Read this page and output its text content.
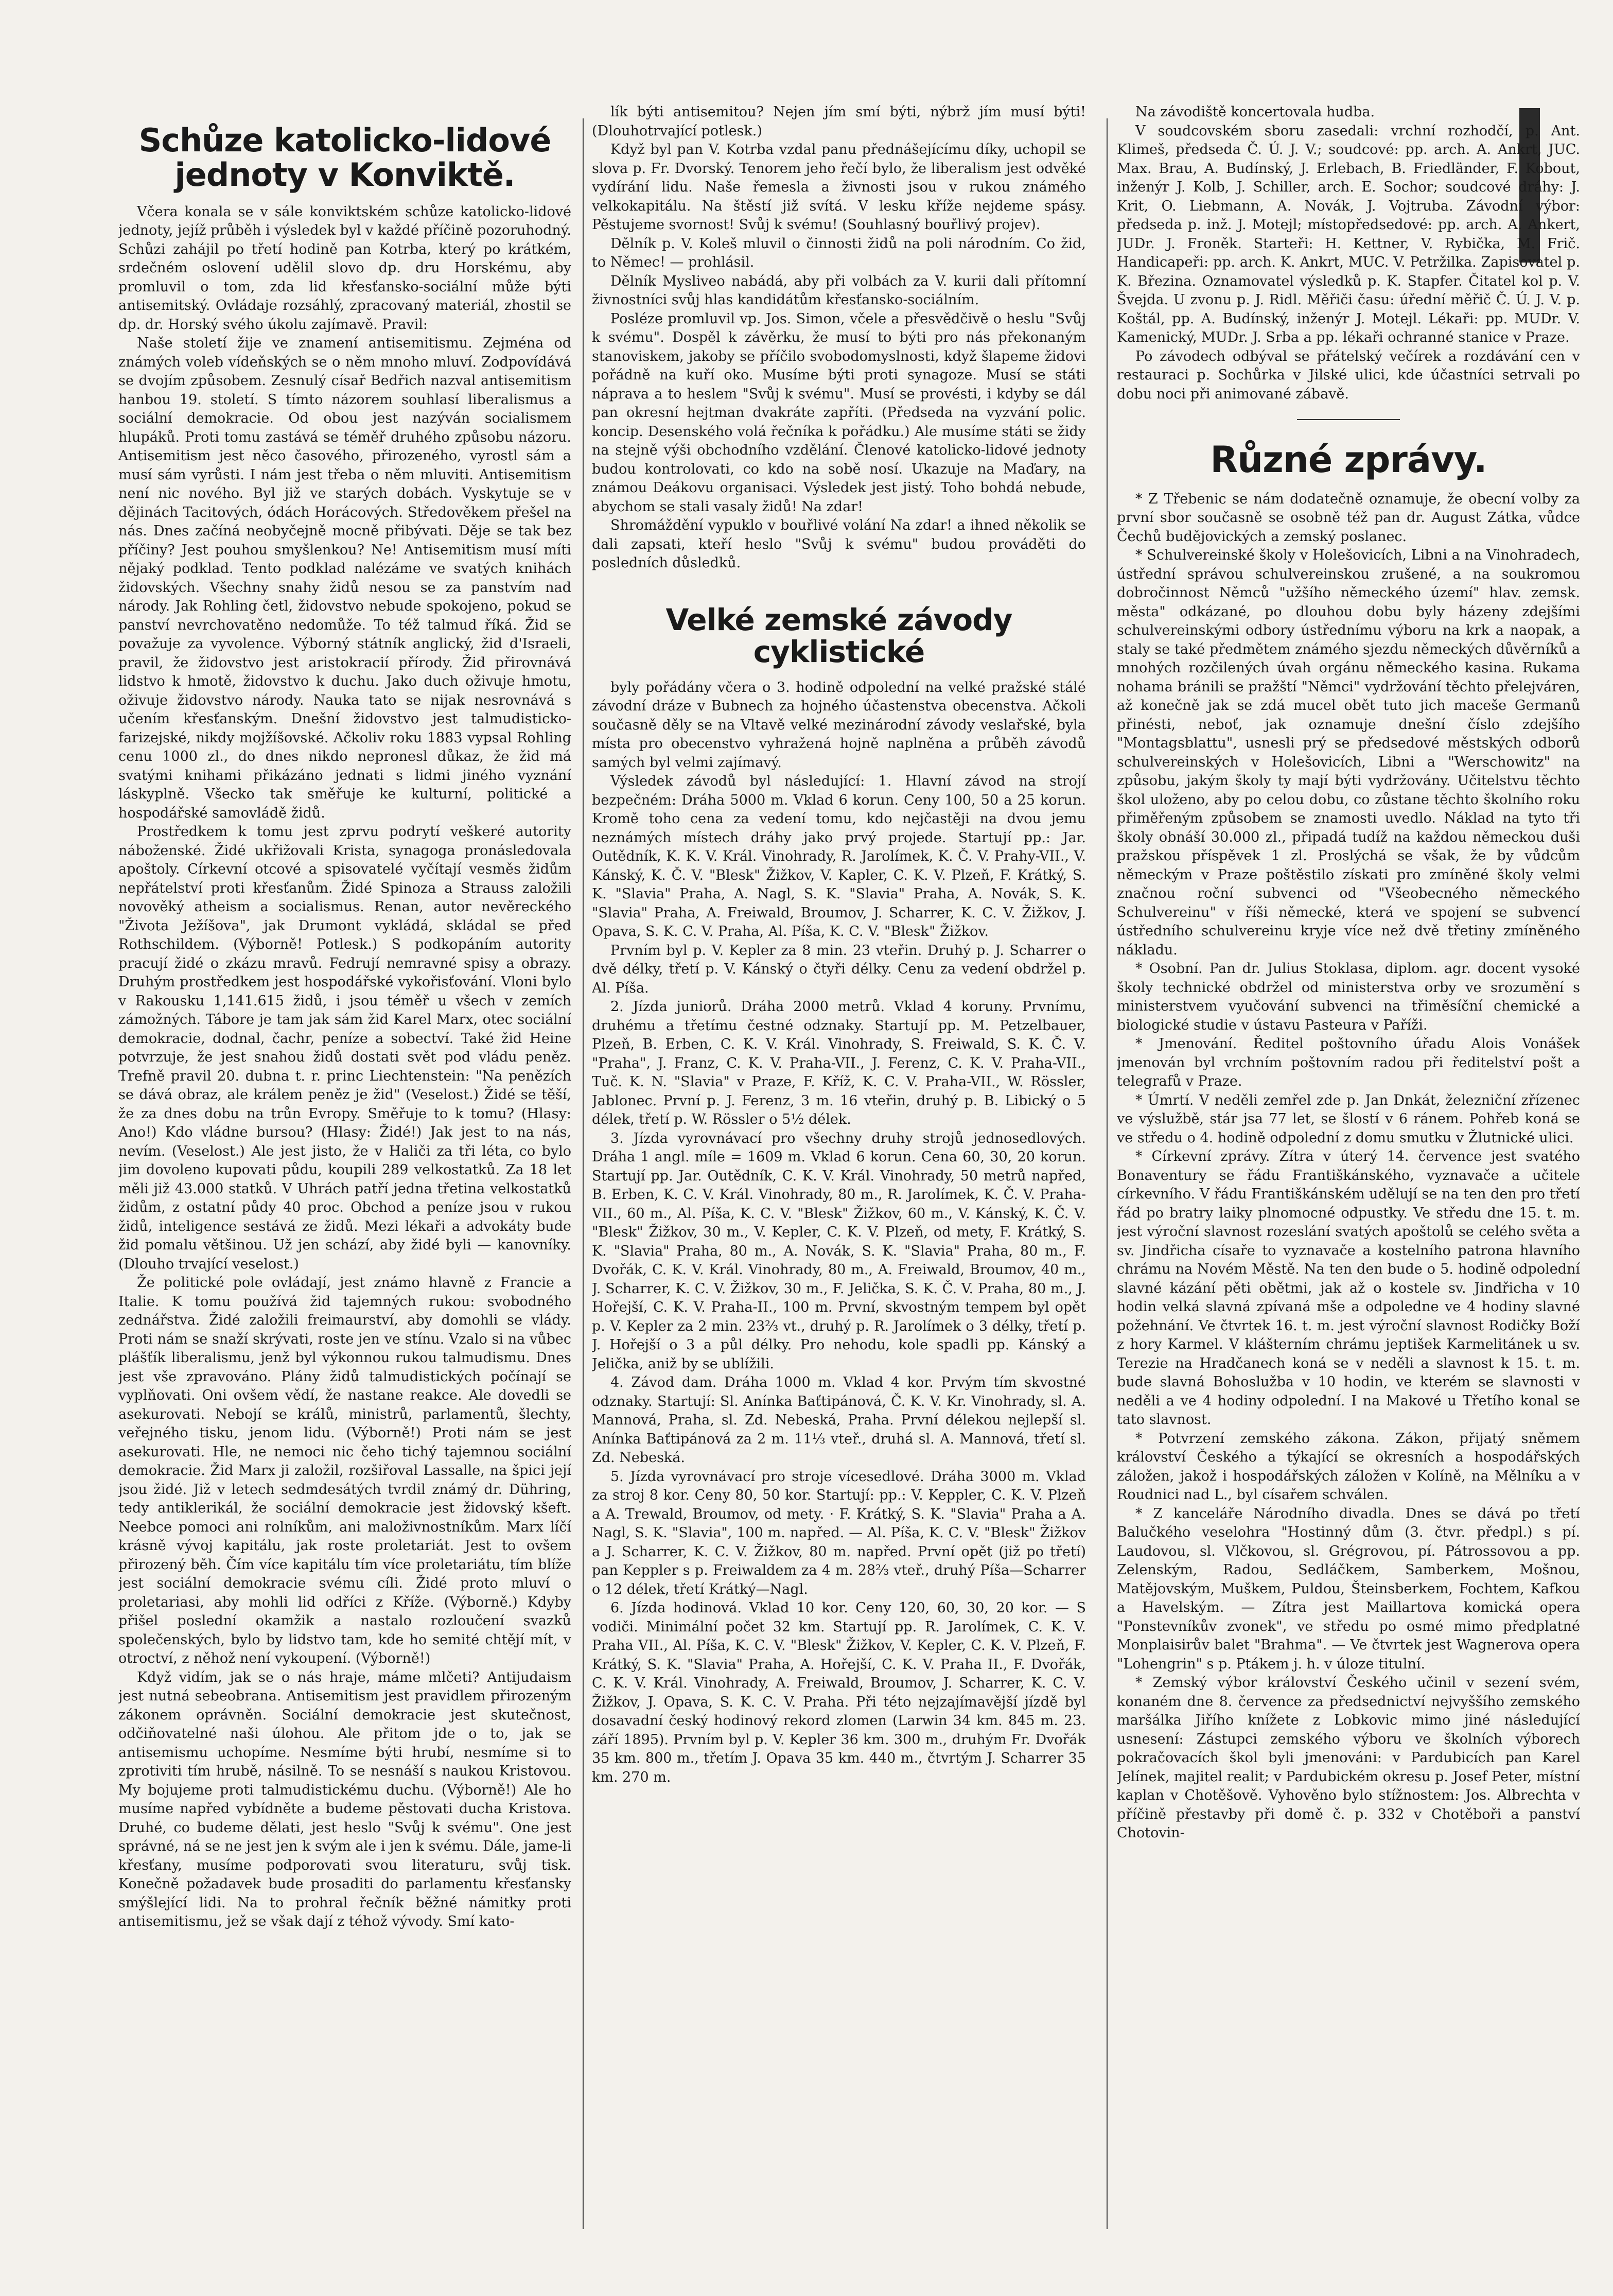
Schůze katolicko-lidové jednoty v Konviktě.

Včera konala se v sále konviktském schůze katolicko-lidové jednoty, jejíž průběh i výsledek byl v každé příčině pozoruhodný. Schůzi zahájil po třetí hodině pan Kotrba, který po krátkém, srdečném oslovení udělil slovo dp. dru Horskému, aby promluvil o tom, zda lid křesťansko-sociální může býti antisemitský. Ovládaje rozsáhlý, zpracovaný materiál, zhostil se dp. dr. Horský svého úkolu zajímavě. Pravil:

Naše století žije ve znamení antisemitismu. Zejména od známých voleb vídeňských se o něm mnoho mluví. Zodpovídává se dvojím způsobem. Zesnulý císař Bedřich nazval antisemitism hanbou 19. století. S tímto názorem souhlasí liberalismus a sociální demokracie. Od obou jest nazýván socialismem hlupáků. Proti tomu zastává se téměř druhého způsobu názoru. Antisemitism jest něco časového, přirozeného, vyrostl sám a musí sám vyrůsti. I nám jest třeba o něm mluviti. Antisemitism není nic nového. Byl již ve starých dobách. Vyskytuje se v dějinách Tacitových, ódách Horácových. Středověkem přešel na nás. Dnes začíná neobyčejně mocně přibývati. Děje se tak bez příčiny? Jest pouhou smyšlenkou? Ne! Antisemitism musí míti nějaký podklad. Tento podklad nalézáme ve svatých knihách židovských. Všechny snahy židů nesou se za panstvím nad národy. Jak Rohling četl, židovstvo nebude spokojeno, pokud se panství nevrchovatěno nedomůže. To též talmud říká. Žid se považuje za vyvolence. Výborný státník anglický, žid d'Israeli, pravil, že židovstvo jest aristokracií přírody. Žid přirovnává lidstvo k hmotě, židovstvo k duchu. Jako duch oživuje hmotu, oživuje židovstvo národy. Nauka tato se nijak nesrovnává s učením křesťanským. Dnešní židovstvo jest talmudisticko-farizejské, nikdy mojžíšovské. Ačkoliv roku 1883 vypsal Rohling cenu 1000 zl., do dnes nikdo nepronesl důkaz, že žid má svatými knihami přikázáno jednati s lidmi jiného vyznání láskyplně. Všecko tak směřuje ke kulturní, politické a hospodářské samovládě židů.

Prostředkem k tomu jest zprvu podrytí veškeré autority náboženské. Židé ukřižovali Krista, synagoga pronásledovala apoštoly. Církevní otcové a spisovatelé vyčítají vesměs židům nepřátelství proti křesťanům. Židé Spinoza a Strauss založili novověký atheism a socialismus. Renan, autor nevěreckého "Života Ježíšova", jak Drumont vykládá, skládal se před Rothschildem. (Výborně! Potlesk.) S podkopáním autority pracují židé o zkázu mravů. Fedrují nemravné spisy a obrazy. Druhým prostředkem jest hospodářské vykořisťování. Vloni bylo v Rakousku 1,141.615 židů, i jsou téměř u všech v zemích zámožných. Tábore je tam jak sám žid Karel Marx, otec sociální demokracie, dodnal, čachr, peníze a sobectví. Také žid Heine potvrzuje, že jest snahou židů dostati svět pod vládu peněz. Trefně pravil 20. dubna t. r. princ Liechtenstein: "Na penězích se dává obraz, ale králem peněz je žid" (Veselost.) Židé se těší, že za dnes dobu na trůn Evropy. Směřuje to k tomu? (Hlasy: Ano!) Kdo vládne bursou? (Hlasy: Židé!) Jak jest to na nás, nevím. (Veselost.) Ale jest jisto, že v Haliči za tři léta, co bylo jim dovoleno kupovati půdu, koupili 289 velkostatků. Za 18 let měli již 43.000 statků. V Uhrách patří jedna třetina velkostatků židům, z ostatní půdy 40 proc. Obchod a peníze jsou v rukou židů, inteligence sestává ze židů. Mezi lékaři a advokáty bude žid pomalu většinou. Už jen schází, aby židé byli — kanovníky. (Dlouho trvající veselost.)

Že politické pole ovládají, jest známo hlavně z Francie a Italie. K tomu používá žid tajemných rukou: svobodného zednářstva. Židé založili freimaurství, aby domohli se vlády. Proti nám se snaží skrývati, roste jen ve stínu. Vzalo si na vůbec plášťík liberalismu, jenž byl výkonnou rukou talmudismu. Dnes jest vše zpravováno. Plány židů talmudistických počínají se vyplňovati. Oni ovšem vědí, že nastane reakce. Ale dovedli se asekurovati. Nebojí se králů, ministrů, parlamentů, šlechty, veřejného tisku, jenom lidu. (Výborně!) Proti nám se jest asekurovati. Hle, ne nemoci nic čeho tichý tajemnou sociální demokracie. Žid Marx ji založil, rozšiřoval Lassalle, na špici její jsou židé. Již v letech sedmdesátých tvrdil známý dr. Dühring, tedy antiklerikál, že sociální demokracie jest židovský kšeft. Neebce pomoci ani rolníkům, ani maloživnostníkům. Marx líčí krásně vývoj kapitálu, jak roste proletariát. Jest to ovšem přirozený běh. Čím více kapitálu tím více proletariátu, tím blíže jest sociální demokracie svému cíli. Židé proto mluví o proletariasi, aby mohli lid odříci z Kříže. (Výborně.) Kdyby přišel poslední okamžik a nastalo rozloučení svazků společenských, bylo by lidstvo tam, kde ho semité chtějí mít, v otroctví, z něhož není vykoupení. (Výborně!)

Když vidím, jak se o nás hraje, máme mlčeti? Antijudaism jest nutná sebeobrana. Antisemitism jest pravidlem přirozeným zákonem oprávněn. Sociální demokracie jest skutečnost, odčiňovatelné naši úlohou. Ale přitom jde o to, jak se antisemismu uchopíme. Nesmíme býti hrubí, nesmíme si to zprotiviti tím hrubě, násilně. To se nesnáší s naukou Kristovou. My bojujeme proti talmudistickému duchu. (Výborně!) Ale ho musíme napřed vybídněte a budeme pěstovati ducha Kristova. Druhé, co budeme dělati, jest heslo "Svůj k svému". One jest správné, ná se ne jest jen k svým ale i jen k svému. Dále, jame-li křesťany, musíme podporovati svou literaturu, svůj tisk. Konečně požadavek bude prosaditi do parlamentu křesťansky smýšlející lidi. Na to prohral řečník běžné námitky proti antisemitismu, jež se však dají z téhož vývody. Smí kato-

lík býti antisemitou? Nejen jím smí býti, nýbrž jím musí býti! (Dlouhotrvající potlesk.)

Když byl pan V. Kotrba vzdal panu přednášejícímu díky, uchopil se slova p. Fr. Dvorský. Tenorem jeho řečí bylo, že liberalism jest odvěké vydírání lidu. Naše řemesla a živnosti jsou v rukou známého velkokapitálu. Na štěstí již svítá. V lesku kříže nejdeme spásy. Pěstujeme svornost! Svůj k svému! (Souhlasný bouřlivý projev).

Dělník p. V. Koleš mluvil o činnosti židů na poli národním. Co žid, to Němec! — prohlásil.

Dělník Mysliveo nabádá, aby při volbách za V. kurii dali přítomní živnostníci svůj hlas kandidátům křesťansko-sociálním.

Posléze promluvil vp. Jos. Simon, včele a přesvědčivě o heslu "Svůj k svému". Dospěl k závěrku, že musí to býti pro nás překonaným stanoviskem, jakoby se příčilo svobodomyslnosti, když šlapeme židovi pořádně na kuří oko. Musíme býti proti synagoze. Musí se státi náprava a to heslem "Svůj k svému". Musí se provésti, i kdyby se dál pan okresní hejtman dvakráte zapříti. (Předseda na vyzvání polic. koncip. Desenského volá řečníka k pořádku.) Ale musíme státi se židy na stejně výši obchodního vzdělání. Členové katolicko-lidové jednoty budou kontrolovati, co kdo na sobě nosí. Ukazuje na Maďary, na známou Deákovu organisaci. Výsledek jest jistý. Toho bohdá nebude, abychom se stali vasaly židů! Na zdar!

Shromáždění vypuklo v bouřlivé volání Na zdar! a ihned několik se dali zapsati, kteří heslo "Svůj k svému" budou prováděti do posledních důsledků.

Velké zemské závody cyklistické

byly pořádány včera o 3. hodině odpolední na velké pražské stálé závodní dráze v Bubnech za hojného účastenstva obecenstva. Ačkoli současně děly se na Vltavě velké mezinárodní závody veslařské, byla místa pro obecenstvo vyhražená hojně naplněna a průběh závodů samých byl velmi zajímavý.

Výsledek závodů byl následující: 1. Hlavní závod na strojí bezpečném: Dráha 5000 m. Vklad 6 korun. Ceny 100, 50 a 25 korun. Kromě toho cena za vedení tomu, kdo nejčastěji na dvou jemu neznámých místech dráhy jako prvý projede. Startují pp.: Jar. Outědník, K. K. V. Král. Vinohrady, R. Jarolímek, K. Č. V. Prahy-VII., V. Kánský, K. Č. V. "Blesk" Žižkov, V. Kapler, C. K. V. Plzeň, F. Krátký, S. K. "Slavia" Praha, A. Nagl, S. K. "Slavia" Praha, A. Novák, S. K. "Slavia" Praha, A. Freiwald, Broumov, J. Scharrer, K. C. V. Žižkov, J. Opava, S. K. C. V. Praha, Al. Píša, K. C. V. "Blesk" Žižkov.

Prvním byl p. V. Kepler za 8 min. 23 vteřin. Druhý p. J. Scharrer o dvě délky, třetí p. V. Kánský o čtyři délky. Cenu za vedení obdržel p. Al. Píša.

2. Jízda juniorů. Dráha 2000 metrů. Vklad 4 koruny. Prvnímu, druhému a třetímu čestné odznaky. Startují pp. M. Petzelbauer, Plzeň, B. Erben, C. K. V. Král. Vinohrady, S. Freiwald, S. K. Č. V. "Praha", J. Franz, C. K. V. Praha-VII., J. Ferenz, C. K. V. Praha-VII., Tuč. K. N. "Slavia" v Praze, F. Kříž, K. C. V. Praha-VII., W. Rössler, Jablonec. První p. J. Ferenz, 3 m. 16 vteřin, druhý p. B. Libický o 5 délek, třetí p. W. Rössler o 5½ délek.

3. Jízda vyrovnávací pro všechny druhy strojů jednosedlových. Dráha 1 angl. míle = 1609 m. Vklad 6 korun. Cena 60, 30, 20 korun. Startují pp. Jar. Outědník, C. K. V. Král. Vinohrady, 50 metrů napřed, B. Erben, K. C. V. Král. Vinohrady, 80 m., R. Jarolímek, K. Č. V. Praha-VII., 60 m., Al. Píša, K. C. V. "Blesk" Žižkov, 60 m., V. Kánský, K. Č. V. "Blesk" Žižkov, 30 m., V. Kepler, C. K. V. Plzeň, od mety, F. Krátký, S. K. "Slavia" Praha, 80 m., A. Novák, S. K. "Slavia" Praha, 80 m., F. Dvořák, C. K. V. Král. Vinohrady, 80 m., A. Freiwald, Broumov, 40 m., J. Scharrer, K. C. V. Žižkov, 30 m., F. Jelička, S. K. Č. V. Praha, 80 m., J. Hořejší, C. K. V. Praha-II., 100 m. První, skvostným tempem byl opět p. V. Kepler za 2 min. 23⅔ vt., druhý p. R. Jarolímek o 3 délky, třetí p. J. Hořejší o 3 a půl délky. Pro nehodu, kole spadli pp. Kánský a Jelička, aniž by se ublížili.

4. Závod dam. Dráha 1000 m. Vklad 4 kor. Prvým tím skvostné odznaky. Startují: Sl. Anínka Baťtipánová, Č. K. V. Kr. Vinohrady, sl. A. Mannová, Praha, sl. Zd. Nebeská, Praha. První délekou nejlepší sl. Anínka Baťtipánová za 2 m. 11⅓ vteř., druhá sl. A. Mannová, třetí sl. Zd. Nebeská.

5. Jízda vyrovnávací pro stroje vícesedlové. Dráha 3000 m. Vklad za stroj 8 kor. Ceny 80, 50 kor. Startují: pp.: V. Keppler, C. K. V. Plzeň a A. Trewald, Broumov, od mety. · F. Krátký, S. K. "Slavia" Praha a A. Nagl, S. K. "Slavia", 100 m. napřed. — Al. Píša, K. C. V. "Blesk" Žižkov a J. Scharrer, K. C. V. Žižkov, 80 m. napřed. První opět (již po třetí) pan Keppler s p. Freiwaldem za 4 m. 28⅔ vteř., druhý Píša—Scharrer o 12 délek, třetí Krátký—Nagl.

6. Jízda hodinová. Vklad 10 kor. Ceny 120, 60, 30, 20 kor. — S vodiči. Minimální počet 32 km. Startují pp. R. Jarolímek, C. K. V. Praha VII., Al. Píša, K. C. V. "Blesk" Žižkov, V. Kepler, C. K. V. Plzeň, F. Krátký, S. K. "Slavia" Praha, A. Hořejší, C. K. V. Praha II., F. Dvořák, C. K. V. Král. Vinohrady, A. Freiwald, Broumov, J. Scharrer, K. C. V. Žižkov, J. Opava, S. K. C. V. Praha. Při této nejzajímavější jízdě byl dosavadní český hodinový rekord zlomen (Larwin 34 km. 845 m. 23. září 1895). Prvním byl p. V. Kepler 36 km. 300 m., druhým Fr. Dvořák 35 km. 800 m., třetím J. Opava 35 km. 440 m., čtvrtým J. Scharrer 35 km. 270 m.

Na závodiště koncertovala hudba.

V soudcovském sboru zasedali: vrchní rozhodčí, p. Ant. Klimeš, předseda Č. Ú. J. V.; soudcové: pp. arch. A. Ankrt, JUC. Max. Brau, A. Budínský, J. Erlebach, B. Friedländer, F. Kobout, inženýr J. Kolb, J. Schiller, arch. E. Sochor; soudcové dráhy: J. Krit, O. Liebmann, A. Novák, J. Vojtruba. Závodní výbor: předseda p. inž. J. Motejl; místopředsedové: pp. arch. A. Ankert, JUDr. J. Froněk. Starteři: H. Kettner, V. Rybička, M. Frič. Handicapeři: pp. arch. K. Ankrt, MUC. V. Petržilka. Zapisovatel p. K. Březina. Oznamovatel výsledků p. K. Stapfer. Čitatel kol p. V. Švejda. U zvonu p. J. Ridl. Měřiči času: úřední měřič Č. Ú. J. V. p. Koštál, pp. A. Budínský, inženýr J. Motejl. Lékaři: pp. MUDr. V. Kamenický, MUDr. J. Srba a pp. lékaři ochranné stanice v Praze.

Po závodech odbýval se přátelský večírek a rozdávání cen v restauraci p. Sochůrka v Jilské ulici, kde účastníci setrvali po dobu noci při animované zábavě.

Různé zprávy.

* Z Třebenic se nám dodatečně oznamuje, že obecní volby za první sbor současně se osobně též pan dr. August Zátka, vůdce Čechů budějovických a zemský poslanec.

* Schulvereinské školy v Holešovicích, Libni a na Vinohradech, ústřední správou schulvereinskou zrušené, a na soukromou dobročinnost Němců "užšího německého území" hlav. zemsk. města" odkázané, po dlouhou dobu byly házeny zdejšími schulvereinskými odbory ústřednímu výboru na krk a naopak, a staly se také předmětem známého sjezdu německých důvěrníků a mnohých rozčilených úvah orgánu německého kasina. Rukama nohama bránili se pražští "Němci" vydržování těchto přelejváren, až konečně jak se zdá mucel obět tuto jich maceše Germanů přinésti, neboť, jak oznamuje dnešní číslo zdejšího "Montagsblattu", usnesli prý se předsedové městských odborů schulvereinských v Holešovicích, Libni a "Werschowitz" na způsobu, jakým školy ty mají býti vydržovány. Učitelstvu těchto škol uloženo, aby po celou dobu, co zůstane těchto školního roku přiměřeným způsobem se znamosti uvedlo. Náklad na tyto tři školy obnáší 30.000 zl., připadá tudíž na každou německou duši pražskou příspěvek 1 zl. Proslýchá se však, že by vůdcům německým v Praze poštěstilo získati pro zmíněné školy velmi značnou roční subvenci od "Všeobecného německého Schulvereinu" v říši německé, která ve spojení se subvencí ústředního schulvereinu kryje více než dvě třetiny zmíněného nákladu.

* Osobní. Pan dr. Julius Stoklasa, diplom. agr. docent vysoké školy technické obdržel od ministerstva orby ve srozumění s ministerstvem vyučování subvenci na třiměsíční chemické a biologické studie v ústavu Pasteura v Paříži.

* Jmenování. Ředitel poštovního úřadu Alois Vonášek jmenován byl vrchním poštovním radou při ředitelství pošt a telegrafů v Praze.

* Úmrtí. V neděli zemřel zde p. Jan Dnkát, železniční zřízenec ve výslužbě, stár jsa 77 let, se šlostí v 6 ránem. Pohřeb koná se ve středu o 4. hodině odpolední z domu smutku v Žlutnické ulici.

* Církevní zprávy. Zítra v úterý 14. července jest svatého Bonaventury se řádu Františkánského, vyznavače a učitele církevního. V řádu Františkánském udělují se na ten den pro třetí řád po bratry laiky plnomocné odpustky. Ve středu dne 15. t. m. jest výroční slavnost rozeslání svatých apoštolů se celého světa a sv. Jindřicha císaře to vyznavače a kostelního patrona hlavního chrámu na Novém Městě. Na ten den bude o 5. hodině odpolední slavné kázání pěti obětmi, jak až o kostele sv. Jindřicha v 10 hodin velká slavná zpívaná mše a odpoledne ve 4 hodiny slavné požehnání. Ve čtvrtek 16. t. m. jest výroční slavnost Rodičky Boží z hory Karmel. V klášterním chrámu jeptišek Karmelitánek u sv. Terezie na Hradčanech koná se v neděli a slavnost k 15. t. m. bude slavná Bohoslužba v 10 hodin, ve kterém se slavnosti v neděli a ve 4 hodiny odpolední. I na Makové u Třetího konal se tato slavnost.

* Potvrzení zemského zákona. Zákon, přijatý sněmem království Českého a týkající se okresních a hospodářských záložen, jakož i hospodářských záložen v Kolíně, na Mělníku a v Roudnici nad L., byl císařem schválen.

* Z kanceláře Národního divadla. Dnes se dává po třetí Balučkého veselohra "Hostinný dům (3. čtvr. předpl.) s pí. Laudovou, sl. Vlčkovou, sl. Grégrovou, pí. Pátrossovou a pp. Zelenským, Radou, Sedláčkem, Samberkem, Mošnou, Matějovským, Muškem, Puldou, Šteinsberkem, Fochtem, Kafkou a Havelským. — Zítra jest Maillartova komická opera "Ponstevníkův zvonek", ve středu po osmé mimo předplatné Monplaisirův balet "Brahma". — Ve čtvrtek jest Wagnerova opera "Lohengrin" s p. Ptákem j. h. v úloze titulní.

* Zemský výbor království Českého učinil v sezení svém, konaném dne 8. července za předsednictví nejvyššího zemského maršálka Jiřího knížete z Lobkovic mimo jiné následující usnesení: Zástupci zemského výboru ve školních výborech pokračovacích škol byli jmenováni: v Pardubicích pan Karel Jelínek, majitel realit; v Pardubickém okresu p. Josef Peter, místní kaplan v Chotěšově. Vyhověno bylo stížnostem: Jos. Albrechta v příčině přestavby při domě č. p. 332 v Chotěboři a panství Chotovin-
